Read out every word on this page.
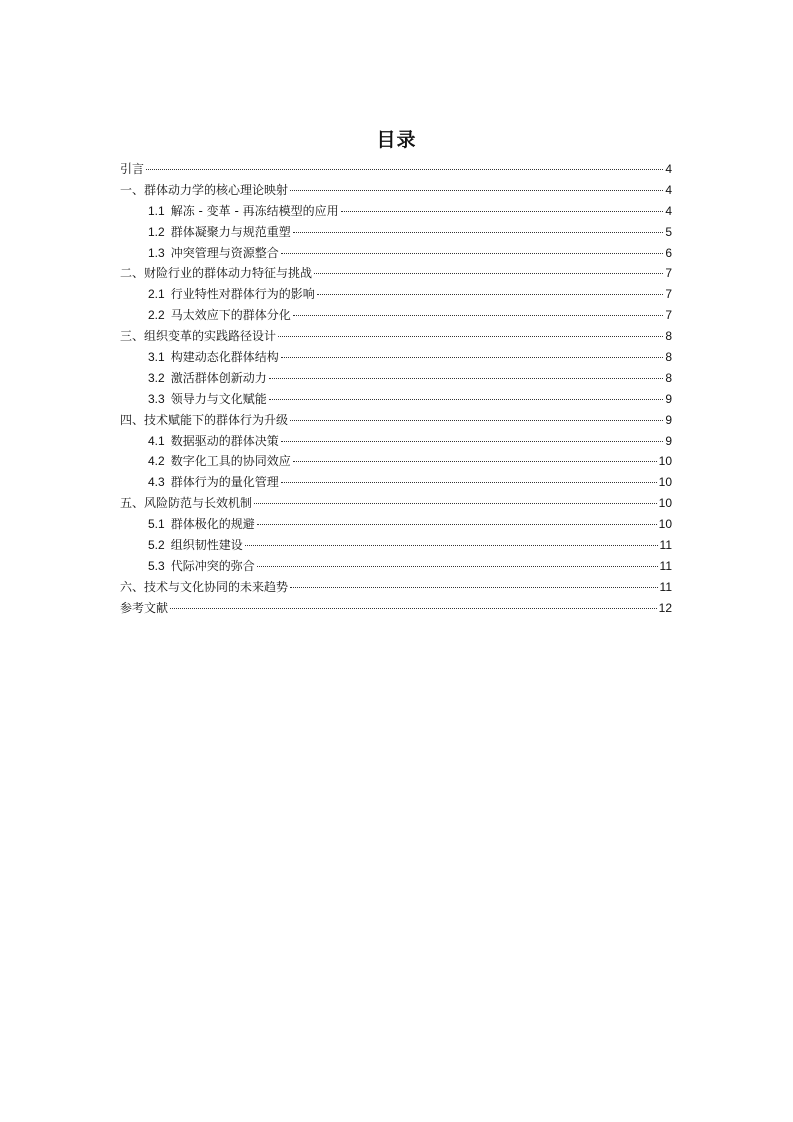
目录
引言	4
一、群体动力学的核心理论映射	4
1.1 解冻 - 变革 - 再冻结模型的应用	4
1.2 群体凝聚力与规范重塑	5
1.3 冲突管理与资源整合	6
二、财险行业的群体动力特征与挑战	7
2.1 行业特性对群体行为的影响	7
2.2 马太效应下的群体分化	7
三、组织变革的实践路径设计	8
3.1 构建动态化群体结构	8
3.2 激活群体创新动力	8
3.3 领导力与文化赋能	9
四、技术赋能下的群体行为升级	9
4.1 数据驱动的群体决策	9
4.2 数字化工具的协同效应	10
4.3 群体行为的量化管理	10
五、风险防范与长效机制	10
5.1 群体极化的规避	10
5.2 组织韧性建设	11
5.3 代际冲突的弥合	11
六、技术与文化协同的未来趋势	11
参考文献	12
